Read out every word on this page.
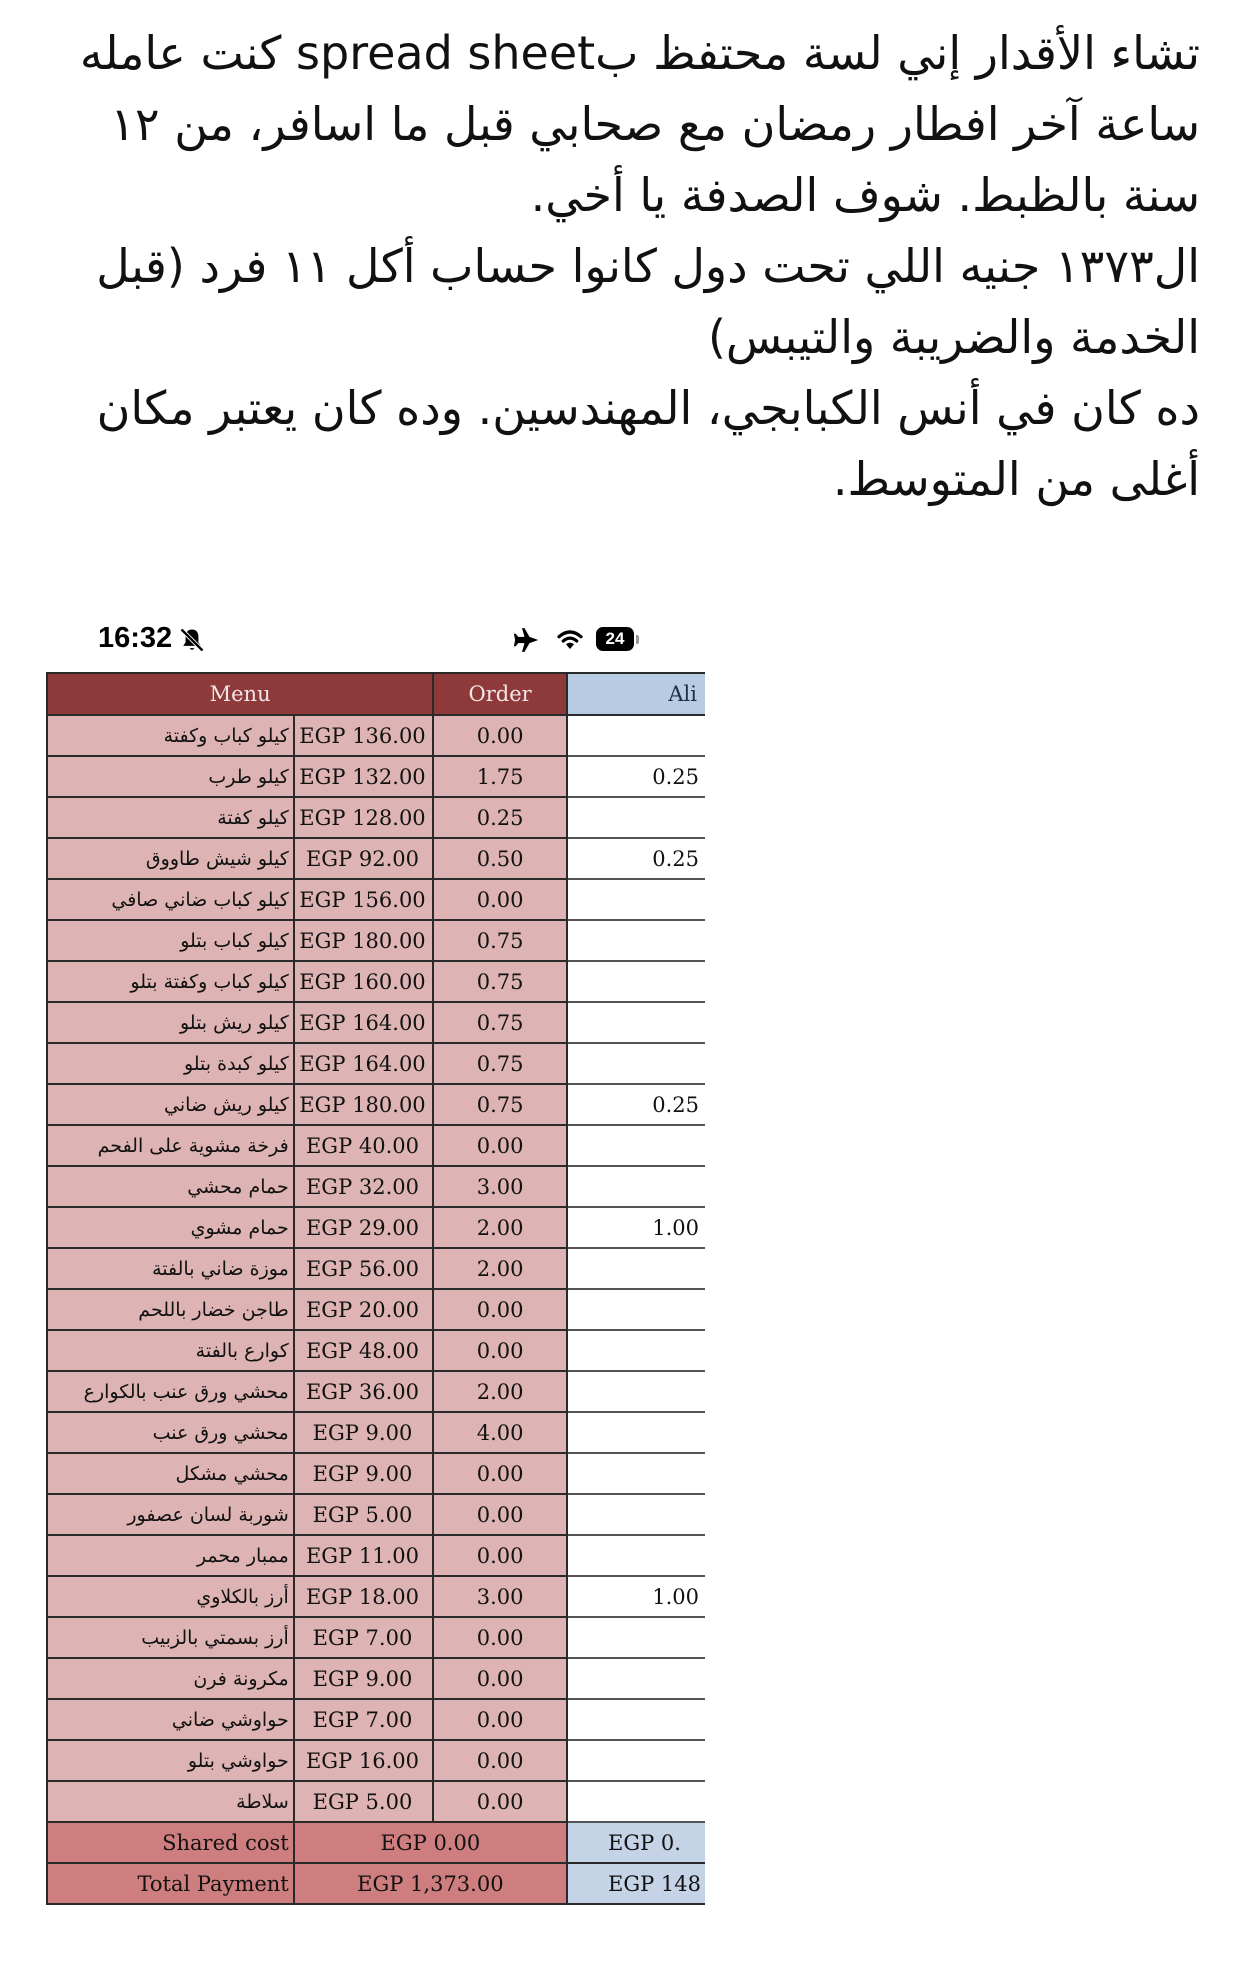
تشاء الأقدار إني لسة محتفظ بspread sheet كنت عامله ساعة آخر افطار رمضان مع صحابي قبل ما اسافر، من ١٢ سنة بالظبط. شوف الصدفة يا أخي.

ال١٣٧٣ جنيه اللي تحت دول كانوا حساب أكل ١١ فرد (قبل الخدمة والضريبة والتيبس)

ده كان في أنس الكبابجي، المهندسين. وده كان يعتبر مكان أغلى من المتوسط.

16:32	24
Menu		Order	Ali
كيلو كباب وكفتة	EGP 136.00	0.00	
كيلو طرب	EGP 132.00	1.75	0.25
كيلو كفتة	EGP 128.00	0.25	
كيلو شيش طاووق	EGP 92.00	0.50	0.25
كيلو كباب ضاني صافي	EGP 156.00	0.00	
كيلو كباب بتلو	EGP 180.00	0.75	
كيلو كباب وكفتة بتلو	EGP 160.00	0.75	
كيلو ريش بتلو	EGP 164.00	0.75	
كيلو كبدة بتلو	EGP 164.00	0.75	
كيلو ريش ضاني	EGP 180.00	0.75	0.25
فرخة مشوية على الفحم	EGP 40.00	0.00	
حمام محشي	EGP 32.00	3.00	
حمام مشوي	EGP 29.00	2.00	1.00
موزة ضاني بالفتة	EGP 56.00	2.00	
طاجن خضار باللحم	EGP 20.00	0.00	
كوارع بالفتة	EGP 48.00	0.00	
محشي ورق عنب بالكوارع	EGP 36.00	2.00	
محشي ورق عنب	EGP 9.00	4.00	
محشي مشكل	EGP 9.00	0.00	
شوربة لسان عصفور	EGP 5.00	0.00	
ممبار محمر	EGP 11.00	0.00	
أرز بالكلاوي	EGP 18.00	3.00	1.00
أرز بسمتي بالزبيب	EGP 7.00	0.00	
مكرونة فرن	EGP 9.00	0.00	
حواوشي ضاني	EGP 7.00	0.00	
حواوشي بتلو	EGP 16.00	0.00	
سلاطة	EGP 5.00	0.00	
Shared cost	EGP 0.00		EGP 0.
Total Payment	EGP 1,373.00		EGP 148
